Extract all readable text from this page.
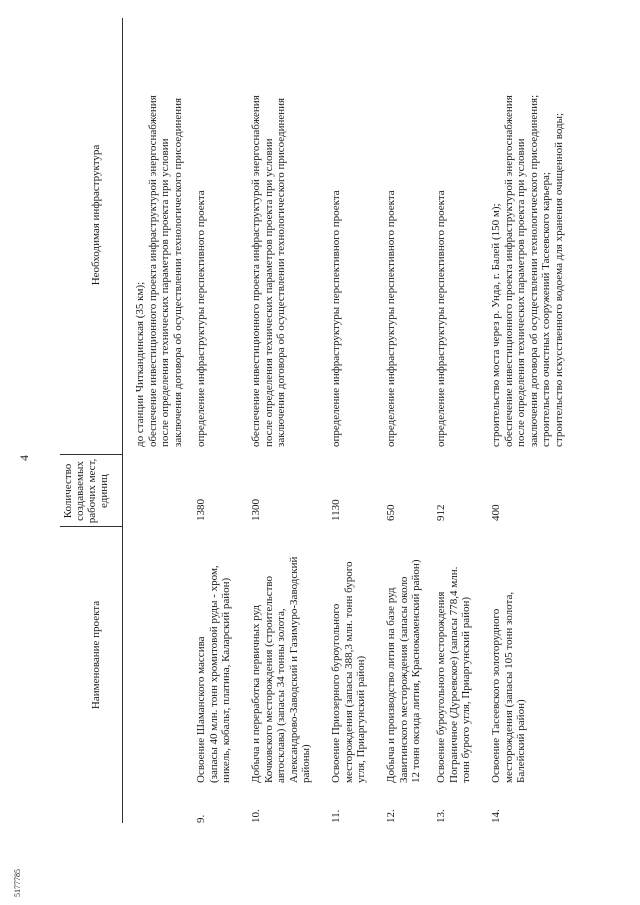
4
Наименование проекта
Количество создаваемых рабочих мест, единиц
Необходимая инфраструктура
до станции Читкандинская (35 км); обеспечение инвестиционного проекта инфраструктурой энергоснабжения после определения технических параметров проекта при условии заключения договора об осуществлении технологического присоединения
9.
Освоение Шаманского массива (запасы 40 млн. тонн хромитовой руды - хром, никель, кобальт, платина, Каларский район)
1380
определение инфраструктуры перспективного проекта
10.
Добыча и переработка первичных руд Кочковского месторождения (строительство автосклава) (запасы 34 тонны золота, Александрово-Заводский и Газимуро-Заводский районы)
1300
обеспечение инвестиционного проекта инфраструктурой энергоснабжения после определения технических параметров проекта при условии заключения договора об осуществлении технологического присоединения
11.
Освоение Приозерного буроугольного месторождения (запасы 388,3 млн. тонн бурого угля, Приаргунский район)
1130
определение инфраструктуры перспективного проекта
12.
Добыча и производство лития на базе руд Завитинского месторождения (запасы около 12 тонн оксида лития, Краснокаменский район)
650
определение инфраструктуры перспективного проекта
13.
Освоение буроугольного месторождения Пограничное (Дуроевское) (запасы 778,4 млн. тонн бурого угля, Приаргунский район)
912
определение инфраструктуры перспективного проекта
14.
Освоение Тасеевского золоторудного месторождения (запасы 105 тонн золота, Балейский район)
400
строительство моста через р. Унда, г. Балей (150 м); обеспечение инвестиционного проекта инфраструктурой энергоснабжения после определения технических параметров проекта при условии заключения договора об осуществлении технологического присоединения; строительство очистных сооружений Тасеевского карьера; строительство искусственного водоема для хранения очищенной воды;
5177785
